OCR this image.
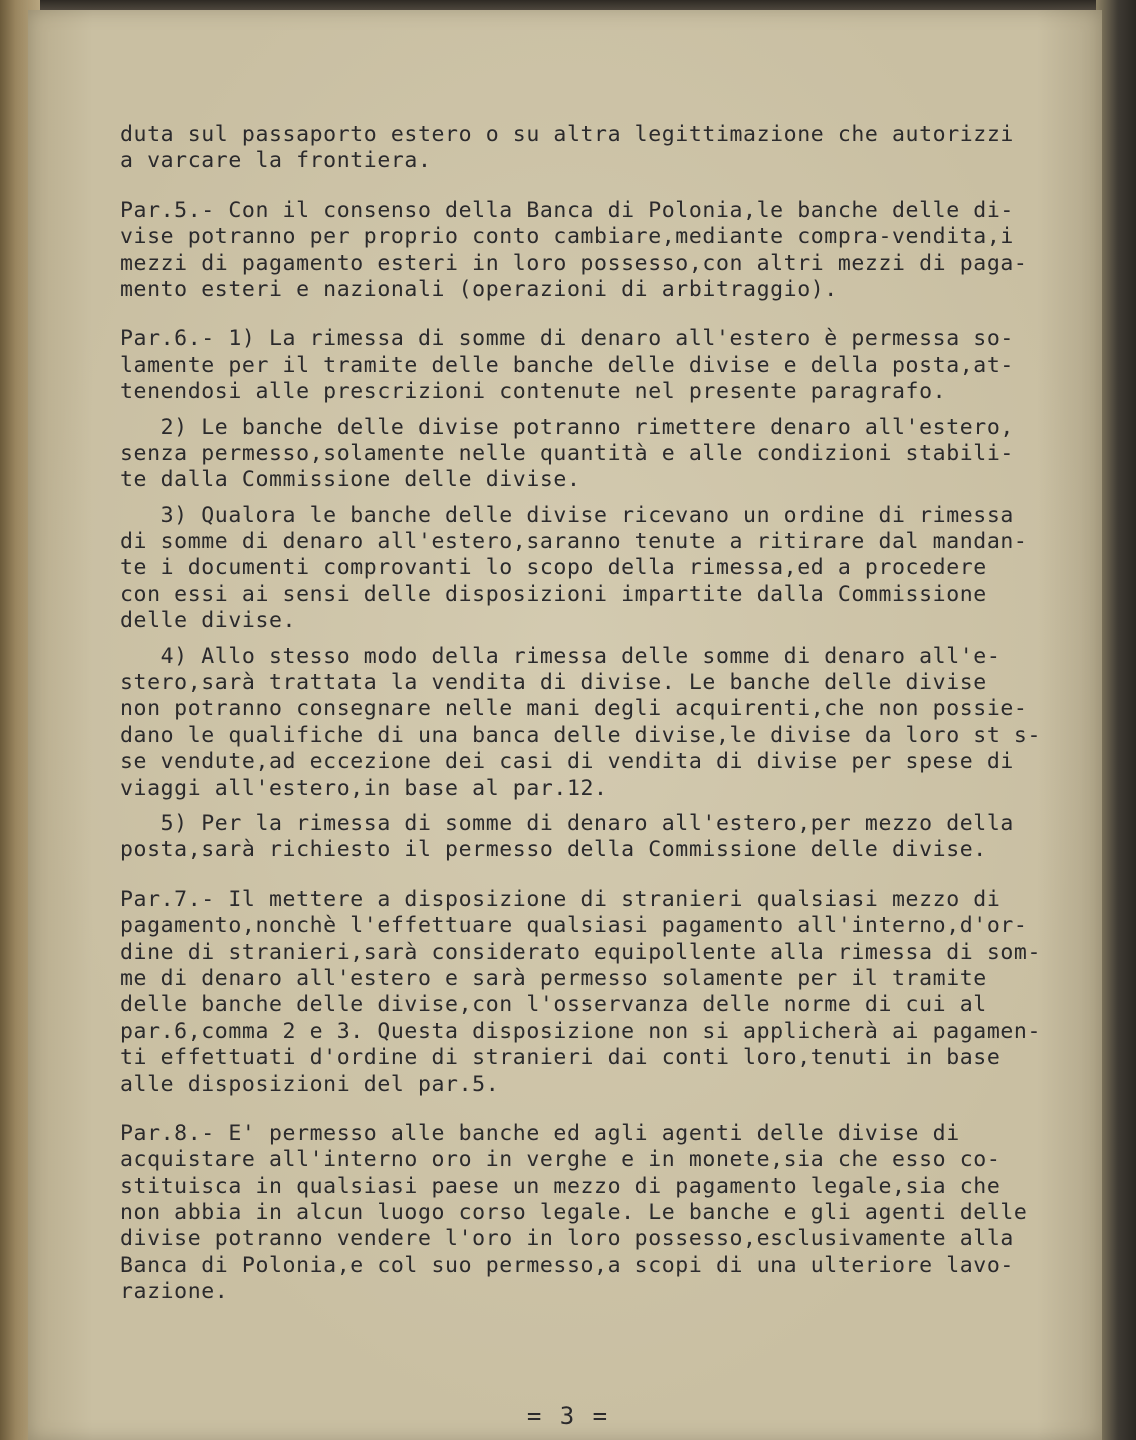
duta sul passaporto estero o su altra legittimazione che autorizzi
a varcare la frontiera.
Par.5.- Con il consenso della Banca di Polonia,le banche delle di-
vise potranno per proprio conto cambiare,mediante compra-vendita,i
mezzi di pagamento esteri in loro possesso,con altri mezzi di paga-
mento esteri e nazionali (operazioni di arbitraggio).
Par.6.- 1) La rimessa di somme di denaro all'estero è permessa so-
lamente per il tramite delle banche delle divise e della posta,at-
tenendosi alle prescrizioni contenute nel presente paragrafo.
2) Le banche delle divise potranno rimettere denaro all'estero,
senza permesso,solamente nelle quantità e alle condizioni stabili-
te dalla Commissione delle divise.
3) Qualora le banche delle divise ricevano un ordine di rimessa
di somme di denaro all'estero,saranno tenute a ritirare dal mandan-
te i documenti comprovanti lo scopo della rimessa,ed a procedere
con essi ai sensi delle disposizioni impartite dalla Commissione
delle divise.
4) Allo stesso modo della rimessa delle somme di denaro all'e-
stero,sarà trattata la vendita di divise. Le banche delle divise
non potranno consegnare nelle mani degli acquirenti,che non possie-
dano le qualifiche di una banca delle divise,le divise da loro st s-
se vendute,ad eccezione dei casi di vendita di divise per spese di
viaggi all'estero,in base al par.12.
5) Per la rimessa di somme di denaro all'estero,per mezzo della
posta,sarà richiesto il permesso della Commissione delle divise.
Par.7.- Il mettere a disposizione di stranieri qualsiasi mezzo di
pagamento,nonchè l'effettuare qualsiasi pagamento all'interno,d'or-
dine di stranieri,sarà considerato equipollente alla rimessa di som-
me di denaro all'estero e sarà permesso solamente per il tramite
delle banche delle divise,con l'osservanza delle norme di cui al
par.6,comma 2 e 3. Questa disposizione non si applicherà ai pagamen-
ti effettuati d'ordine di stranieri dai conti loro,tenuti in base
alle disposizioni del par.5.
Par.8.- E' permesso alle banche ed agli agenti delle divise di
acquistare all'interno oro in verghe e in monete,sia che esso co-
stituisca in qualsiasi paese un mezzo di pagamento legale,sia che
non abbia in alcun luogo corso legale. Le banche e gli agenti delle
divise potranno vendere l'oro in loro possesso,esclusivamente alla
Banca di Polonia,e col suo permesso,a scopi di una ulteriore lavo-
razione.
= 3 =
